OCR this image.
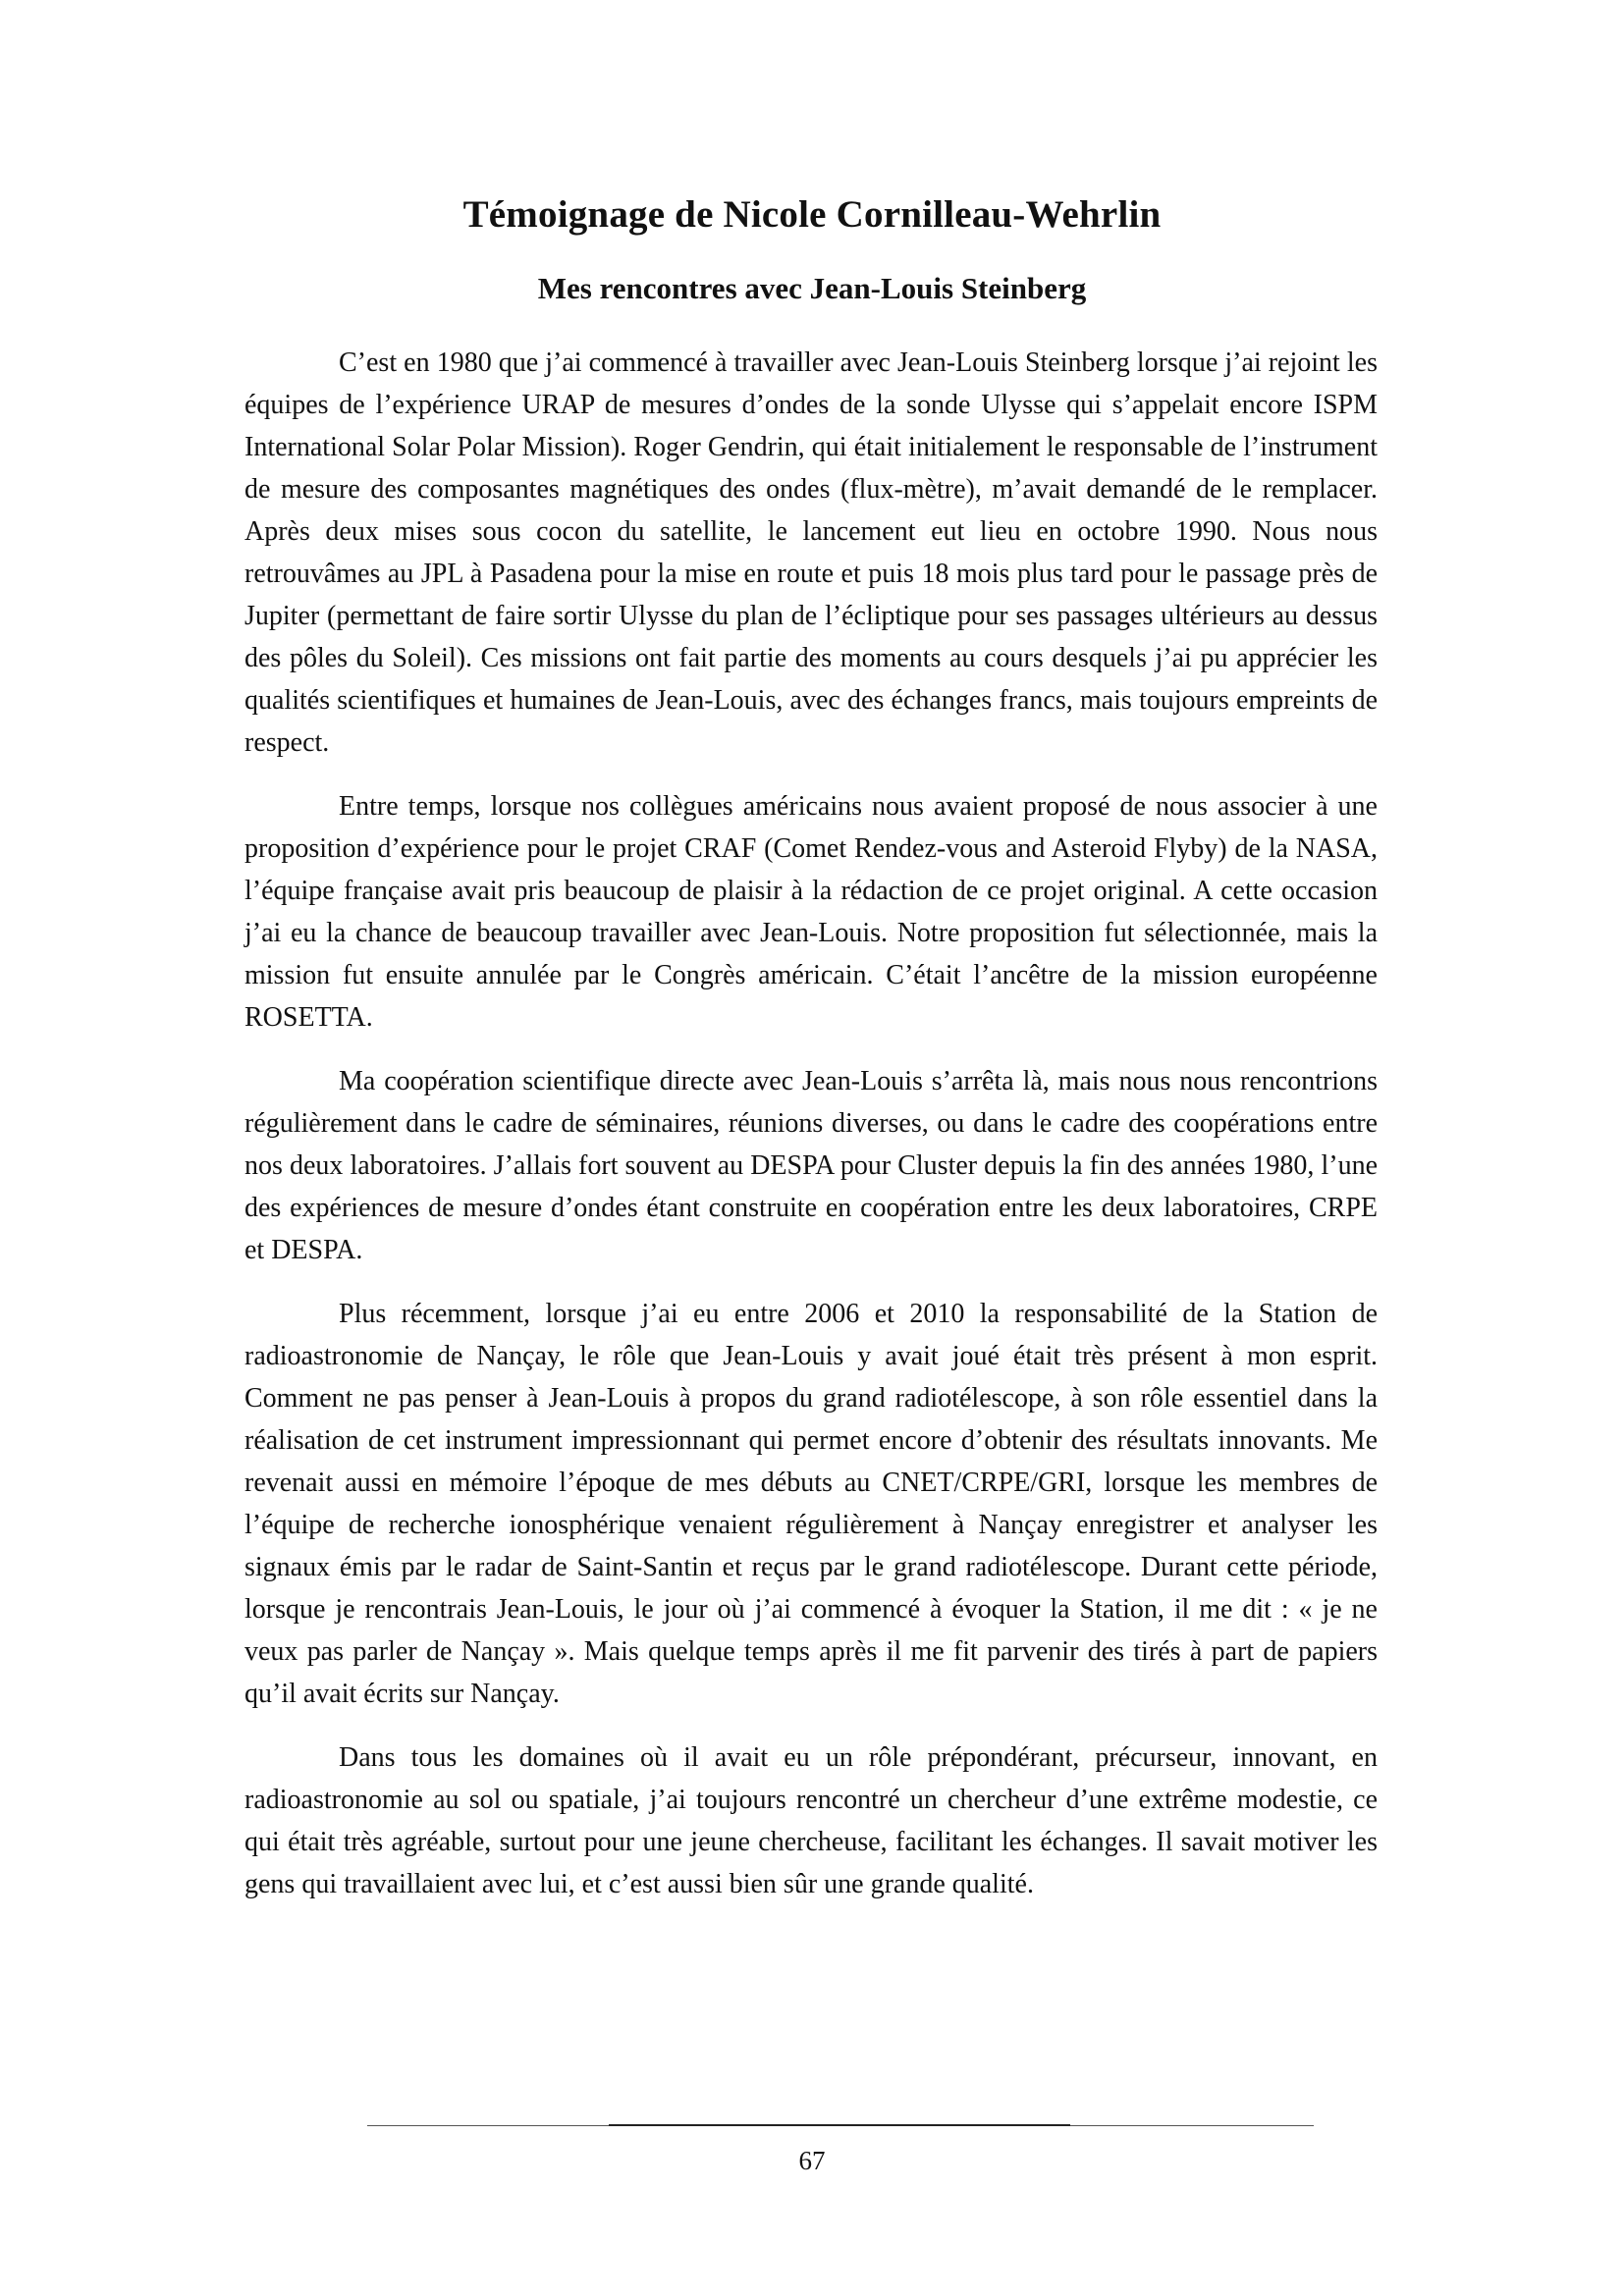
Témoignage de Nicole Cornilleau-Wehrlin
Mes rencontres avec Jean-Louis Steinberg

C’est en 1980 que j’ai commencé à travailler avec Jean-Louis Steinberg lorsque j’ai rejoint les équipes de l’expérience URAP de mesures d’ondes de la sonde Ulysse qui s’appelait encore ISPM International Solar Polar Mission). Roger Gendrin, qui était initialement le responsable de l’instrument de mesure des composantes magnétiques des ondes (flux-mètre), m’avait demandé de le remplacer. Après deux mises sous cocon du satellite, le lancement eut lieu en octobre 1990. Nous nous retrouvâmes au JPL à Pasadena pour la mise en route et puis 18 mois plus tard pour le passage près de Jupiter (permettant de faire sortir Ulysse du plan de l’écliptique pour ses passages ultérieurs au dessus des pôles du Soleil). Ces missions ont fait partie des moments au cours desquels j’ai pu apprécier les qualités scientifiques et humaines de Jean-Louis, avec des échanges francs, mais toujours empreints de respect.

Entre temps, lorsque nos collègues américains nous avaient proposé de nous associer à une proposition d’expérience pour le projet CRAF (Comet Rendez-vous and Asteroid Flyby) de la NASA, l’équipe française avait pris beaucoup de plaisir à la rédaction de ce projet original. A cette occasion j’ai eu la chance de beaucoup travailler avec Jean-Louis. Notre proposition fut sélectionnée, mais la mission fut ensuite annulée par le Congrès américain. C’était l’ancêtre de la mission européenne ROSETTA.

Ma coopération scientifique directe avec Jean-Louis s’arrêta là, mais nous nous rencontrions régulièrement dans le cadre de séminaires, réunions diverses, ou dans le cadre des coopérations entre nos deux laboratoires. J’allais fort souvent au DESPA pour Cluster depuis la fin des années 1980, l’une des expériences de mesure d’ondes étant construite en coopération entre les deux laboratoires, CRPE et DESPA.

Plus récemment, lorsque j’ai eu entre 2006 et 2010 la responsabilité de la Station de radioastronomie de Nançay, le rôle que Jean-Louis y avait joué était très présent à mon esprit. Comment ne pas penser à Jean-Louis à propos du grand radiotélescope, à son rôle essentiel dans la réalisation de cet instrument impressionnant qui permet encore d’obtenir des résultats innovants. Me revenait aussi en mémoire l’époque de mes débuts au CNET/CRPE/GRI, lorsque les membres de l’équipe de recherche ionosphérique venaient régulièrement à Nançay enregistrer et analyser les signaux émis par le radar de Saint-Santin et reçus par le grand radiotélescope. Durant cette période, lorsque je rencontrais Jean-Louis, le jour où j’ai commencé à évoquer la Station, il me dit : « je ne veux pas parler de Nançay ». Mais quelque temps après il me fit parvenir des tirés à part de papiers qu’il avait écrits sur Nançay.

Dans tous les domaines où il avait eu un rôle prépondérant, précurseur, innovant, en radioastronomie au sol ou spatiale, j’ai toujours rencontré un chercheur d’une extrême modestie, ce qui était très agréable, surtout pour une jeune chercheuse, facilitant les échanges. Il savait motiver les gens qui travaillaient avec lui, et c’est aussi bien sûr une grande qualité.

67
